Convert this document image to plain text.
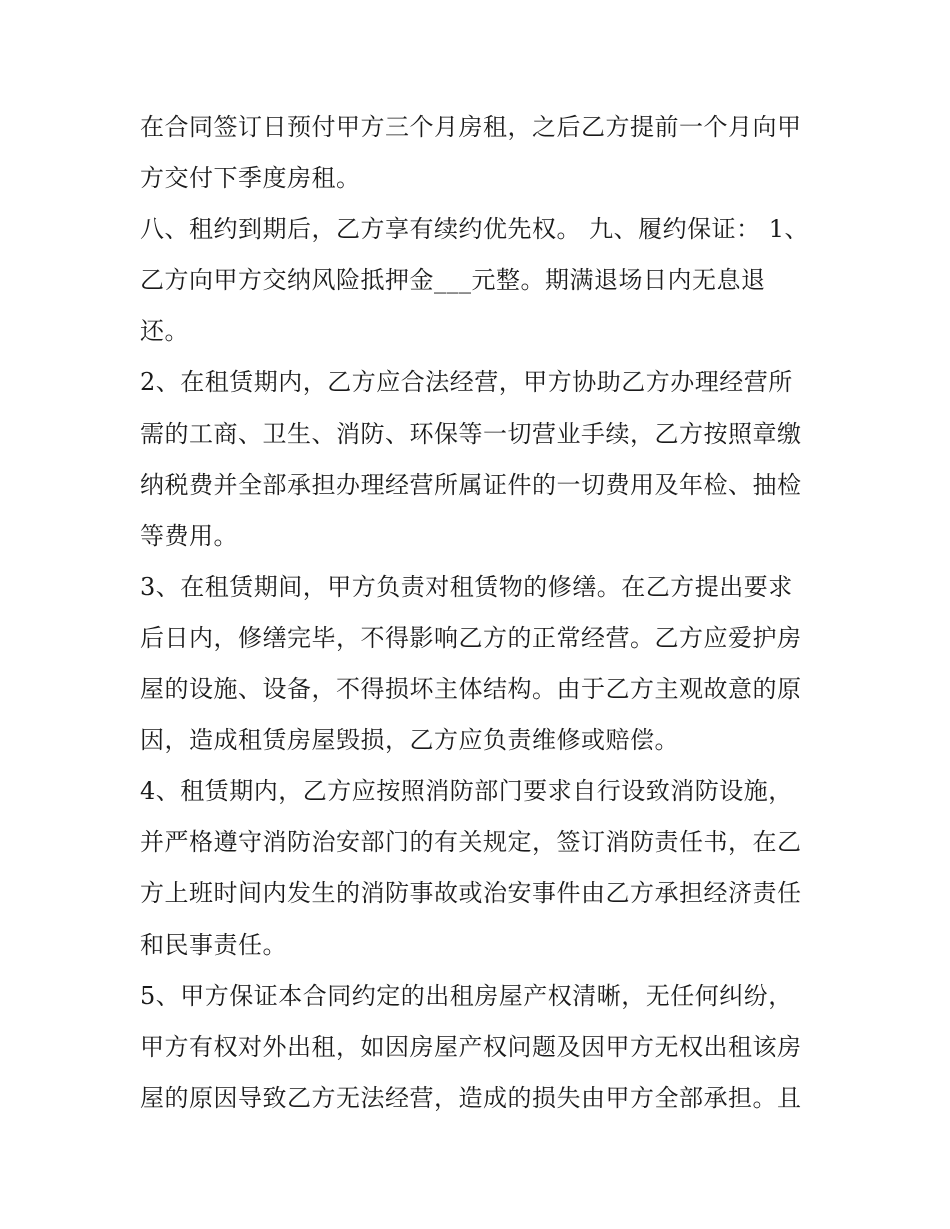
在合同签订日预付甲方三个月房租，之后乙方提前一个月向甲
方交付下季度房租。
八、租约到期后，乙方享有续约优先权。 九、履约保证： 1、
乙方向甲方交纳风险抵押金___元整。期满退场日内无息退
还。
2、在租赁期内，乙方应合法经营，甲方协助乙方办理经营所
需的工商、卫生、消防、环保等一切营业手续，乙方按照章缴
纳税费并全部承担办理经营所属证件的一切费用及年检、抽检
等费用。
3、在租赁期间，甲方负责对租赁物的修缮。在乙方提出要求
后日内，修缮完毕，不得影响乙方的正常经营。乙方应爱护房
屋的设施、设备，不得损坏主体结构。由于乙方主观故意的原
因，造成租赁房屋毁损，乙方应负责维修或赔偿。
4、租赁期内，乙方应按照消防部门要求自行设致消防设施，
并严格遵守消防治安部门的有关规定，签订消防责任书，在乙
方上班时间内发生的消防事故或治安事件由乙方承担经济责任
和民事责任。
5、甲方保证本合同约定的出租房屋产权清晰，无任何纠纷，
甲方有权对外出租，如因房屋产权问题及因甲方无权出租该房
屋的原因导致乙方无法经营，造成的损失由甲方全部承担。且
